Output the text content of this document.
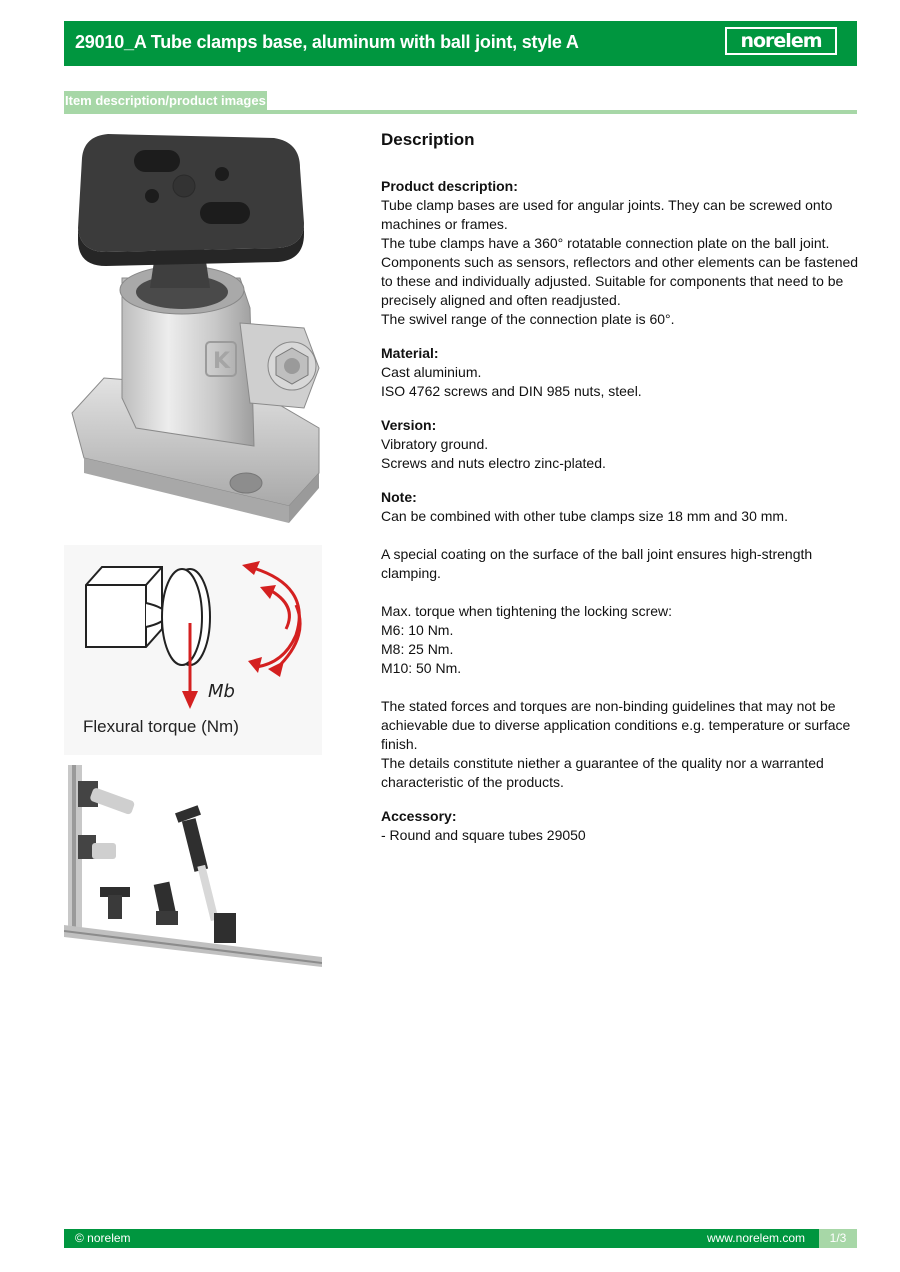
29010_A Tube clamps base, aluminum with ball joint, style A	norelem
Item description/product images
K
Mb
Flexural torque (Nm)
Description

Product description:
Tube clamp bases are used for angular joints. They can be screwed onto machines or frames.
The tube clamps have a 360° rotatable connection plate on the ball joint.
Components such as sensors, reflectors and other elements can be fastened to these and individually adjusted. Suitable for components that need to be precisely aligned and often readjusted.
The swivel range of the connection plate is 60°.

Material:
Cast aluminium.
ISO 4762 screws and DIN 985 nuts, steel.

Version:
Vibratory ground.
Screws and nuts electro zinc-plated.

Note:
Can be combined with other tube clamps size 18 mm and 30 mm.

A special coating on the surface of the ball joint ensures high-strength clamping.

Max. torque when tightening the locking screw:
M6: 10 Nm.
M8: 25 Nm.
M10: 50 Nm.

The stated forces and torques are non-binding guidelines that may not be achievable due to diverse application conditions e.g. temperature or surface finish.
The details constitute niether a guarantee of the quality nor a warranted characteristic of the products.

Accessory:
- Round and square tubes 29050

© norelem	www.norelem.com	1/3
